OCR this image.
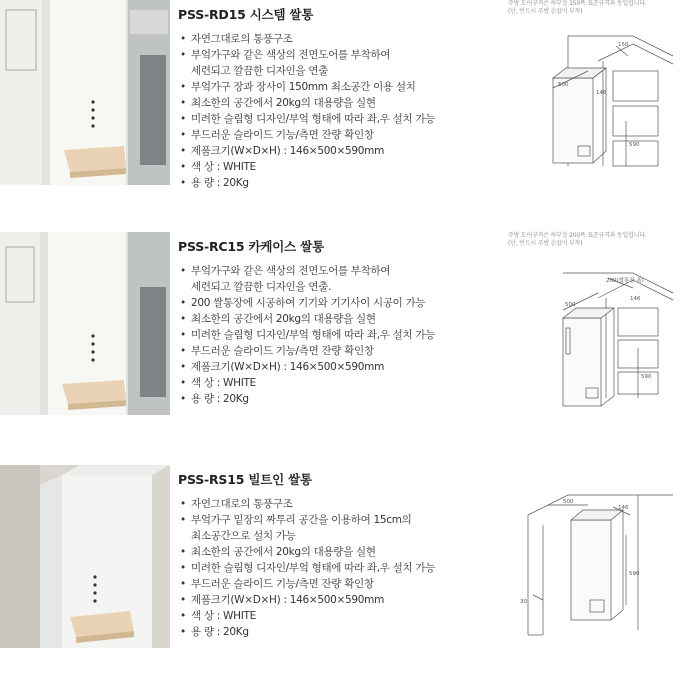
PSS-RD15 시스템 쌀통
• 자연그대로의 통풍구조
• 부엌가구와 같은 색상의 전면도어를 부착하여
세련되고 깔끔한 디자인을 연출
• 부엌가구 장과 장사이 150mm 최소공간 이용 설치
• 최소한의 공간에서 20kg의 대용량을 실현
• 미려한 슬림형 디자인/부엌 형태에 따라 좌,우 설치 가능
• 부드러운 슬라이드 기능/측면 잔량 확인창
• 제품크기(W×D×H) : 146×500×590mm
• 색 상 : WHITE
• 용 량 : 20Kg
주방 도어규격은 하부장 150폭 표준규격과 동일합니다.
(단, 반드시 주방 손잡이 부착)
150
500
146
590
PSS-RC15 카케이스 쌀통
• 부엌가구와 같은 색상의 전면도어를 부착하여
세련되고 깔끔한 디자인을 연출.
• 200 쌀통장에 시공하여 기기와 기기사이 시공이 가능
• 최소한의 공간에서 20kg의 대용량을 실현
• 미려한 슬림형 디자인/부엌 형태에 따라 좌,우 설치 가능
• 부드러운 슬라이드 기능/측면 잔량 확인창
• 제품크기(W×D×H) : 146×500×590mm
• 색 상 : WHITE
• 용 량 : 20Kg
주방 도어규격은 하부장 200폭 표준규격과 동일합니다.
(단, 반드시 주방 손잡이 부착)
200(쌀통장 폭)
500
146
590
PSS-RS15 빌트인 쌀통
• 자연그대로의 통풍구조
• 부엌가구 밑장의 짜투리 공간을 이용하여 15cm의
최소공간으로 설치 가능
• 최소한의 공간에서 20kg의 대용량을 실현
• 미려한 슬림형 디자인/부엌 형태에 따라 좌,우 설치 가능
• 부드러운 슬라이드 기능/측면 잔량 확인창
• 제품크기(W×D×H) : 146×500×590mm
• 색 상 : WHITE
• 용 량 : 20Kg
500
146
590
30
